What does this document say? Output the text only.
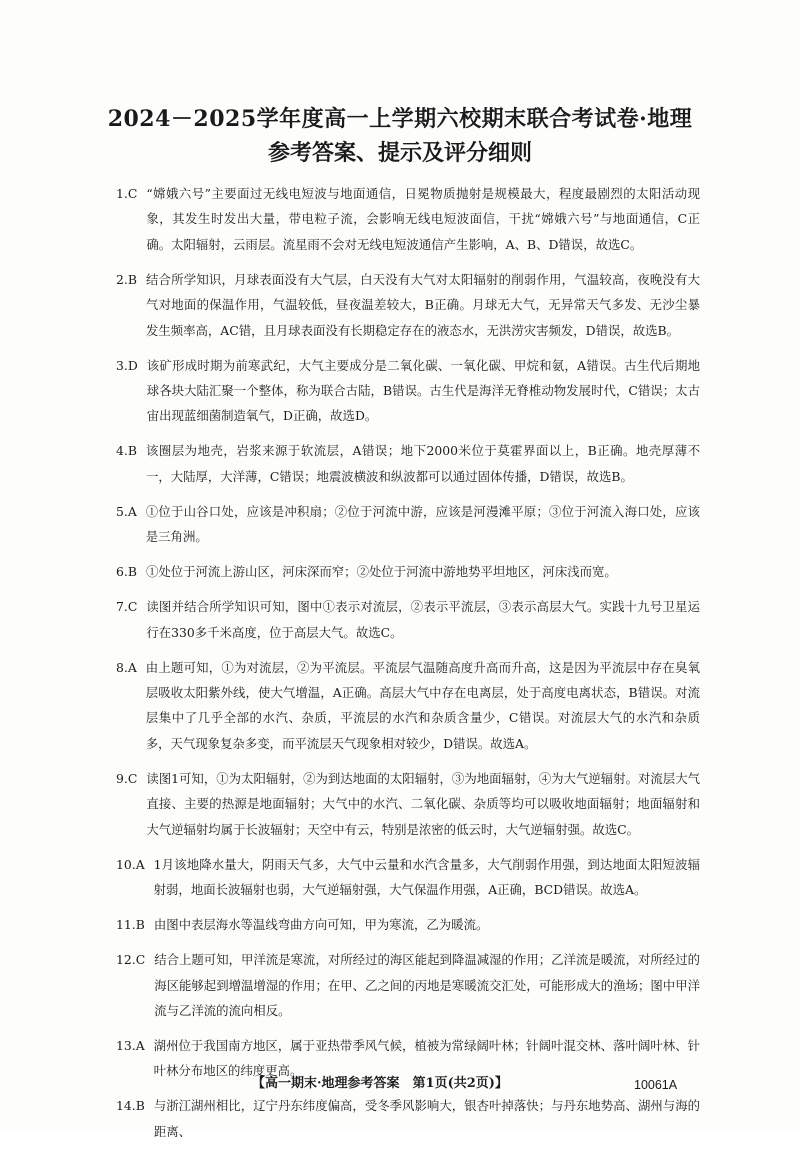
2024－2025学年度高一上学期六校期末联合考试卷·地理
参考答案、提示及评分细则
1.C “嫦娥六号”主要面过无线电短波与地面通信，日冕物质抛射是规模最大，程度最剧烈的太阳活动现象，其发生时发出大量，带电粒子流，会影响无线电短波面信，干扰“嫦娥六号”与地面通信，C正确。太阳辐射，云雨层。流星雨不会对无线电短波通信产生影响，A、B、D错误，故选C。
2.B 结合所学知识，月球表面没有大气层，白天没有大气对太阳辐射的削弱作用，气温较高，夜晚没有大气对地面的保温作用，气温较低，昼夜温差较大，B正确。月球无大气，无异常天气多发、无沙尘暴发生频率高，AC错，且月球表面没有长期稳定存在的液态水，无洪涝灾害频发，D错误，故选B。
3.D 该矿形成时期为前寒武纪，大气主要成分是二氧化碳、一氧化碳、甲烷和氨，A错误。古生代后期地球各块大陆汇聚一个整体，称为联合古陆，B错误。古生代是海洋无脊椎动物发展时代，C错误；太古宙出现蓝细菌制造氧气，D正确，故选D。
4.B 该圈层为地壳，岩浆来源于软流层，A错误；地下2000米位于莫霍界面以上，B正确。地壳厚薄不一，大陆厚，大洋薄，C错误；地震波横波和纵波都可以通过固体传播，D错误，故选B。
5.A ①位于山谷口处，应该是冲积扇；②位于河流中游，应该是河漫滩平原；③位于河流入海口处，应该是三角洲。
6.B ①处位于河流上游山区，河床深而窄；②处位于河流中游地势平坦地区，河床浅而宽。
7.C 读图并结合所学知识可知，图中①表示对流层，②表示平流层，③表示高层大气。实践十九号卫星运行在330多千米高度，位于高层大气。故选C。
8.A 由上题可知，①为对流层，②为平流层。平流层气温随高度升高而升高，这是因为平流层中存在臭氧层吸收太阳紫外线，使大气增温，A正确。高层大气中存在电离层，处于高度电离状态，B错误。对流层集中了几乎全部的水汽、杂质，平流层的水汽和杂质含量少，C错误。对流层大气的水汽和杂质多，天气现象复杂多变，而平流层天气现象相对较少，D错误。故选A。
9.C 读图1可知，①为太阳辐射，②为到达地面的太阳辐射，③为地面辐射，④为大气逆辐射。对流层大气直接、主要的热源是地面辐射；大气中的水汽、二氧化碳、杂质等均可以吸收地面辐射；地面辐射和大气逆辐射均属于长波辐射；天空中有云，特别是浓密的低云时，大气逆辐射强。故选C。
10.A 1月该地降水量大，阴雨天气多，大气中云量和水汽含量多，大气削弱作用强，到达地面太阳短波辐射弱，地面长波辐射也弱，大气逆辐射强，大气保温作用强，A正确，BCD错误。故选A。
11.B 由图中表层海水等温线弯曲方向可知，甲为寒流，乙为暖流。
12.C 结合上题可知，甲洋流是寒流，对所经过的海区能起到降温减湿的作用；乙洋流是暖流，对所经过的海区能够起到增温增湿的作用；在甲、乙之间的丙地是寒暖流交汇处，可能形成大的渔场；图中甲洋流与乙洋流的流向相反。
13.A 湖州位于我国南方地区，属于亚热带季风气候，植被为常绿阔叶林；针阔叶混交林、落叶阔叶林、针叶林分布地区的纬度更高。
14.B 与浙江湖州相比，辽宁丹东纬度偏高，受冬季风影响大，银杏叶掉落快；与丹东地势高、湖州与海的距离、
【高一期末·地理参考答案　第1页(共2页)】	10061A
